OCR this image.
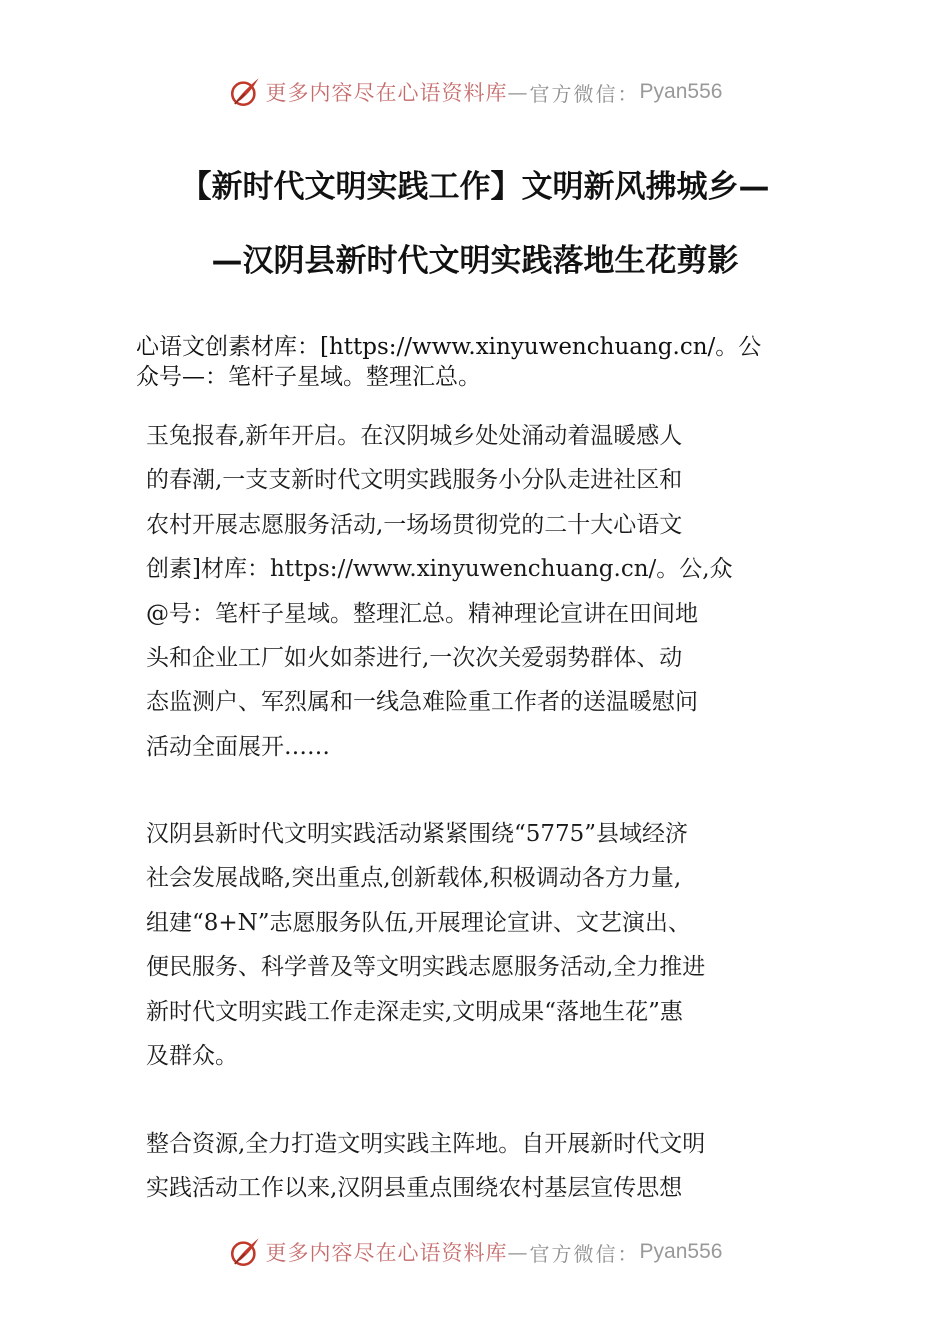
更多内容尽在心语资料库 — 官方微信： Pyan556
【新时代文明实践工作】文明新风拂城乡—
—汉阴县新时代文明实践落地生花剪影

心语文创素材库：[https://www.xinyuwenchuang.cn/。公
众号—：笔杆子星域。整理汇总。

玉兔报春,新年开启。在汉阴城乡处处涌动着温暖感人
的春潮,一支支新时代文明实践服务小分队走进社区和
农村开展志愿服务活动,一场场贯彻党的二十大心语文
创素]材库：https://www.xinyuwenchuang.cn/。公,众
@号：笔杆子星域。整理汇总。精神理论宣讲在田间地
头和企业工厂如火如荼进行,一次次关爱弱势群体、动
态监测户、军烈属和一线急难险重工作者的送温暖慰问
活动全面展开……

汉阴县新时代文明实践活动紧紧围绕“5775”县域经济
社会发展战略,突出重点,创新载体,积极调动各方力量,
组建“8+N”志愿服务队伍,开展理论宣讲、文艺演出、
便民服务、科学普及等文明实践志愿服务活动,全力推进
新时代文明实践工作走深走实,文明成果“落地生花”惠
及群众。

整合资源,全力打造文明实践主阵地。自开展新时代文明
实践活动工作以来,汉阴县重点围绕农村基层宣传思想

更多内容尽在心语资料库 — 官方微信： Pyan556
